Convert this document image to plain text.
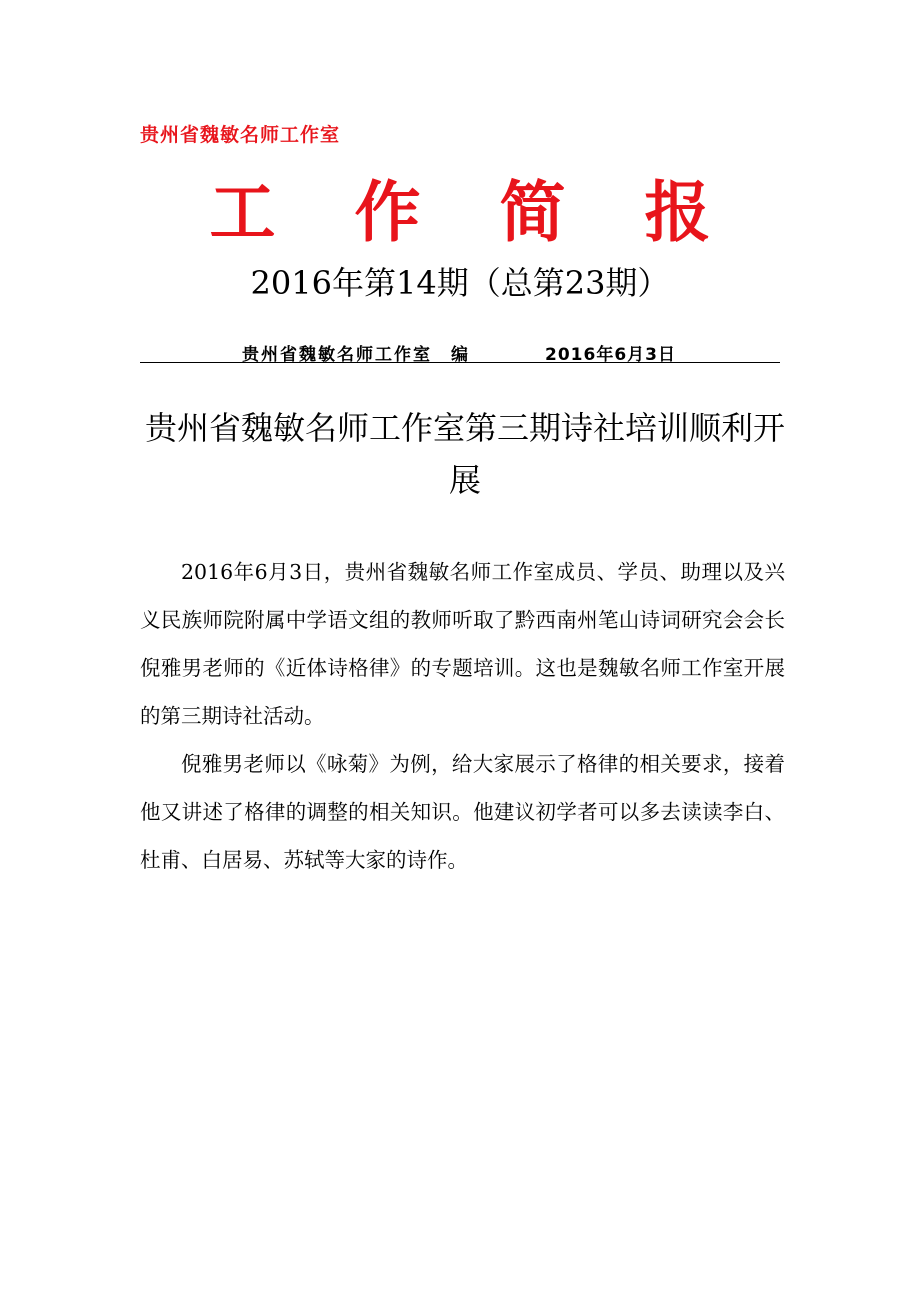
贵州省魏敏名师工作室
工 作 简 报
2016年第14期（总第23期）
贵州省魏敏名师工作室　编	2016年6月3日
贵州省魏敏名师工作室第三期诗社培训顺利开展

2016年6月3日，贵州省魏敏名师工作室成员、学员、助理以及兴义民族师院附属中学语文组的教师听取了黔西南州笔山诗词研究会会长倪雅男老师的《近体诗格律》的专题培训。这也是魏敏名师工作室开展的第三期诗社活动。

倪雅男老师以《咏菊》为例，给大家展示了格律的相关要求，接着他又讲述了格律的调整的相关知识。他建议初学者可以多去读读李白、杜甫、白居易、苏轼等大家的诗作。
